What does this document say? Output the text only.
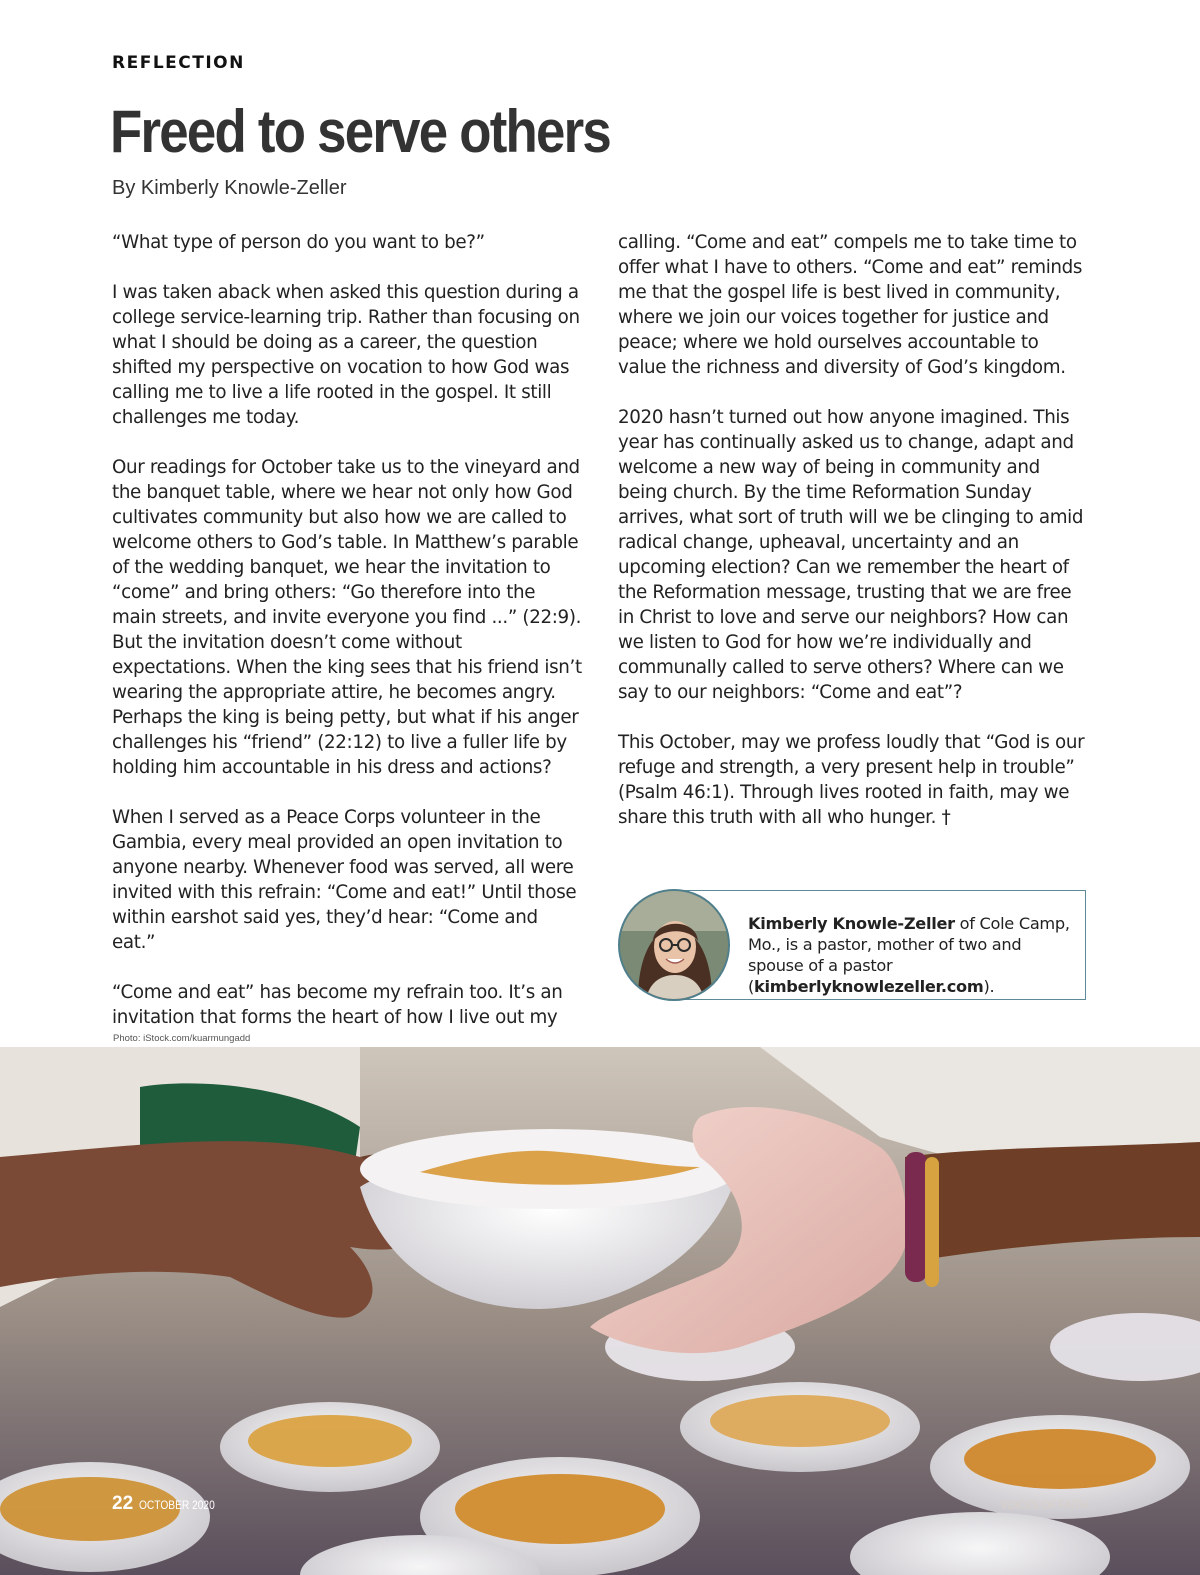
REFLECTION
Freed to serve others
By Kimberly Knowle-Zeller

“What type of person do you want to be?”

I was taken aback when asked this question during a college service-learning trip. Rather than focusing on what I should be doing as a career, the question shifted my perspective on vocation to how God was calling me to live a life rooted in the gospel. It still challenges me today.

Our readings for October take us to the vineyard and the banquet table, where we hear not only how God cultivates community but also how we are called to welcome others to God’s table. In Matthew’s parable of the wedding banquet, we hear the invitation to “come” and bring others: “Go therefore into the main streets, and invite everyone you find ...” (22:9). But the invitation doesn’t come without expectations. When the king sees that his friend isn’t wearing the appropriate attire, he becomes angry. Perhaps the king is being petty, but what if his anger challenges his “friend” (22:12) to live a fuller life by holding him accountable in his dress and actions?

When I served as a Peace Corps volunteer in the Gambia, every meal provided an open invitation to anyone nearby. Whenever food was served, all were invited with this refrain: “Come and eat!” Until those within earshot said yes, they’d hear: “Come and eat.”

“Come and eat” has become my refrain too. It’s an invitation that forms the heart of how I live out my

calling. “Come and eat” compels me to take time to offer what I have to others. “Come and eat” reminds me that the gospel life is best lived in community, where we join our voices together for justice and peace; where we hold ourselves accountable to value the richness and diversity of God’s kingdom.

2020 hasn’t turned out how anyone imagined. This year has continually asked us to change, adapt and welcome a new way of being in community and being church. By the time Reformation Sunday arrives, what sort of truth will we be clinging to amid radical change, upheaval, uncertainty and an upcoming election? Can we remember the heart of the Reformation message, trusting that we are free in Christ to love and serve our neighbors? How can we listen to God for how we’re individually and communally called to serve others? Where can we say to our neighbors: “Come and eat”?

This October, may we profess loudly that “God is our refuge and strength, a very present help in trouble” (Psalm 46:1). Through lives rooted in faith, may we share this truth with all who hunger. †

Kimberly Knowle-Zeller of Cole Camp, Mo., is a pastor, mother of two and spouse of a pastor (kimberlyknowlezeller.com).
Photo: iStock.com/kuarmungadd
22 OCTOBER 2020	VOICES OF FAITH
